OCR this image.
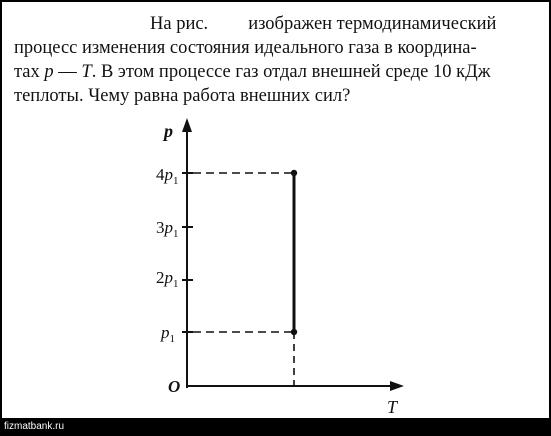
На рис. изображен термодинамический
процесс изменения состояния идеального газа в координа-
тах p — T. В этом процессе газ отдал внешней среде 10 кДж
теплоты. Чему равна работа внешних сил?
p
T
O
$4p_1$
$3p_1$
$2p_1$
$p_1$
fizmatbank.ru
